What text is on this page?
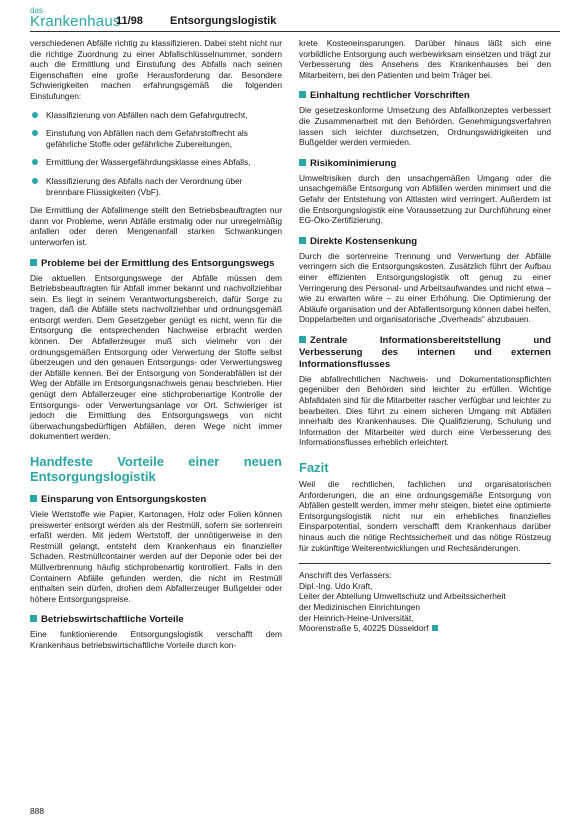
das
Krankenhaus
11/98 Entsorgungslogistik

verschiedenen Abfälle richtig zu klassifizieren. Dabei steht nicht nur die richtige Zuordnung zu einer Abfallschlüsselnummer, sondern auch die Ermittlung und Einstufung des Abfalls nach seinen Eigenschaften eine große Herausforderung dar. Besondere Schwierigkeiten machen erfahrungsgemäß die folgenden Einstufungen:

Klassifizierung von Abfällen nach dem Gefahrgutrecht,
Einstufung von Abfällen nach dem Gefahrstoffrecht als gefährliche Stoffe oder gefährliche Zubereitungen,
Ermittlung der Wassergefährdungsklasse eines Abfalls,
Klassifizierung des Abfalls nach der Verordnung über brennbare Flüssigkeiten (VbF).

Die Ermittlung der Abfallmenge stellt den Betriebsbeauftragten nur dann vor Probleme, wenn Abfälle erstmalig oder nur unregelmäßig anfallen oder deren Mengenanfall starken Schwankungen unterworfen ist.

Probleme bei der Ermittlung des Entsorgungswegs

Die aktuellen Entsorgungswege der Abfälle müssen dem Betriebsbeauftragten für Abfall immer bekannt und nachvollziehbar sein. Es liegt in seinem Verantwortungsbereich, dafür Sorge zu tragen, daß die Abfälle stets nachvollziehbar und ordnungsgemäß entsorgt werden. Dem Gesetzgeber genügt es nicht, wenn für die Entsorgung die entsprechenden Nachweise erbracht werden können. Der Abfallerzeuger muß sich vielmehr von der ordnungsgemäßen Entsorgung oder Verwertung der Stoffe selbst überzeugen und den genauen Entsorgungs- oder Verwertungsweg der Abfälle kennen. Bei der Entsorgung von Sonderabfällen ist der Weg der Abfälle im Entsorgungsnachweis genau beschrieben. Hier genügt dem Abfallerzeuger eine stichprobenartige Kontrolle der Entsorgungs- oder Verwertungsanlage vor Ort. Schwieriger ist jedoch die Ermittlung des Entsorgungswegs von nicht überwachungsbedürftigen Abfällen, deren Wege nicht immer dokumentiert werden.

Handfeste Vorteile einer neuen Entsorgungslogistik
Einsparung von Entsorgungskosten

Viele Wertstoffe wie Papier, Kartonagen, Holz oder Folien können preiswerter entsorgt werden als der Restmüll, sofern sie sortenrein erfaßt werden. Mit jedem Wertstoff, der unnötigerweise in den Restmüll gelangt, entsteht dem Krankenhaus ein finanzieller Schaden. Restmüllcontainer werden auf der Deponie oder bei der Müllverbrennung häufig stichprobenartig kontrolliert. Falls in den Containern Abfälle gefunden werden, die nicht im Restmüll enthalten sein dürfen, drohen dem Abfallerzeuger Bußgelder oder höhere Entsorgungspreise.

Betriebswirtschaftliche Vorteile

Eine funktionierende Entsorgungslogistik verschafft dem Krankenhaus betriebswirtschaftliche Vorteile durch kon-

krete Kosteneinsparungen. Darüber hinaus läßt sich eine vorbildliche Entsorgung auch werbewirksam einsetzen und trägt zur Verbesserung des Ansehens des Krankenhauses bei den Mitarbeitern, bei den Patienten und beim Träger bei.

Einhaltung rechtlicher Vorschriften

Die gesetzeskonforme Umsetzung des Abfallkonzeptes verbessert die Zusammenarbeit mit den Behörden. Genehmigungsverfahren lassen sich leichter durchsetzen, Ordnungswidrigkeiten und Bußgelder werden vermieden.

Risikominimierung

Umweltrisiken durch den unsachgemäßen Umgang oder die unsachgemäße Entsorgung von Abfällen werden minimiert und die Gefahr der Entstehung von Altlasten wird verringert. Außerdem ist die Entsorgungslogistik eine Voraussetzung zur Durchführung einer EG-Öko-Zertifizierung.

Direkte Kostensenkung

Durch die sortenreine Trennung und Verwertung der Abfälle verringern sich die Entsorgungskosten. Zusätzlich führt der Aufbau einer effizienten Entsorgungslogistik oft genug zu einer Verringerung des Personal- und Arbeitsaufwandes und nicht etwa – wie zu erwarten wäre – zu einer Erhöhung. Die Optimierung der Abläufe organisation und der Abfallentsorgung können dabei helfen, Doppelarbeiten und organisatorische „Overheads“ abzubauen.

Zentrale Informationsbereitstellung und Verbesserung des internen und externen Informationsflusses

Die abfallrechtlichen Nachweis- und Dokumentationspflichten gegenüber den Behörden sind leichter zu erfüllen. Wichtige Abfalldaten sind für die Mitarbeiter rascher verfügbar und leichter zu bearbeiten. Dies führt zu einem sicheren Umgang mit Abfällen innerhalb des Krankenhauses. Die Qualifizierung, Schulung und Information der Mitarbeiter wird durch eine Verbesserung des Informationsflusses erheblich erleichtert.

Fazit

Weil die rechtlichen, fachlichen und organisatorischen Anforderungen, die an eine ordnungsgemäße Entsorgung von Abfällen gestellt werden, immer mehr steigen, bietet eine optimierte Entsorgungslogistik nicht nur ein erhebliches finanzielles Einsparpotential, sondern verschafft dem Krankenhaus darüber hinaus auch die nötige Rechtssicherheit und das nötige Rüstzeug für zukünftige Weiterentwicklungen und Rechtsänderungen.

Anschrift des Verfassers:
Dipl.-Ing. Udo Kraft,
Leiter der Abteilung Umweltschutz und Arbeitssicherheit
der Medizinischen Einrichtungen
der Heinrich-Heine-Universität,
Moorenstraße 5, 40225 Düsseldorf
888
